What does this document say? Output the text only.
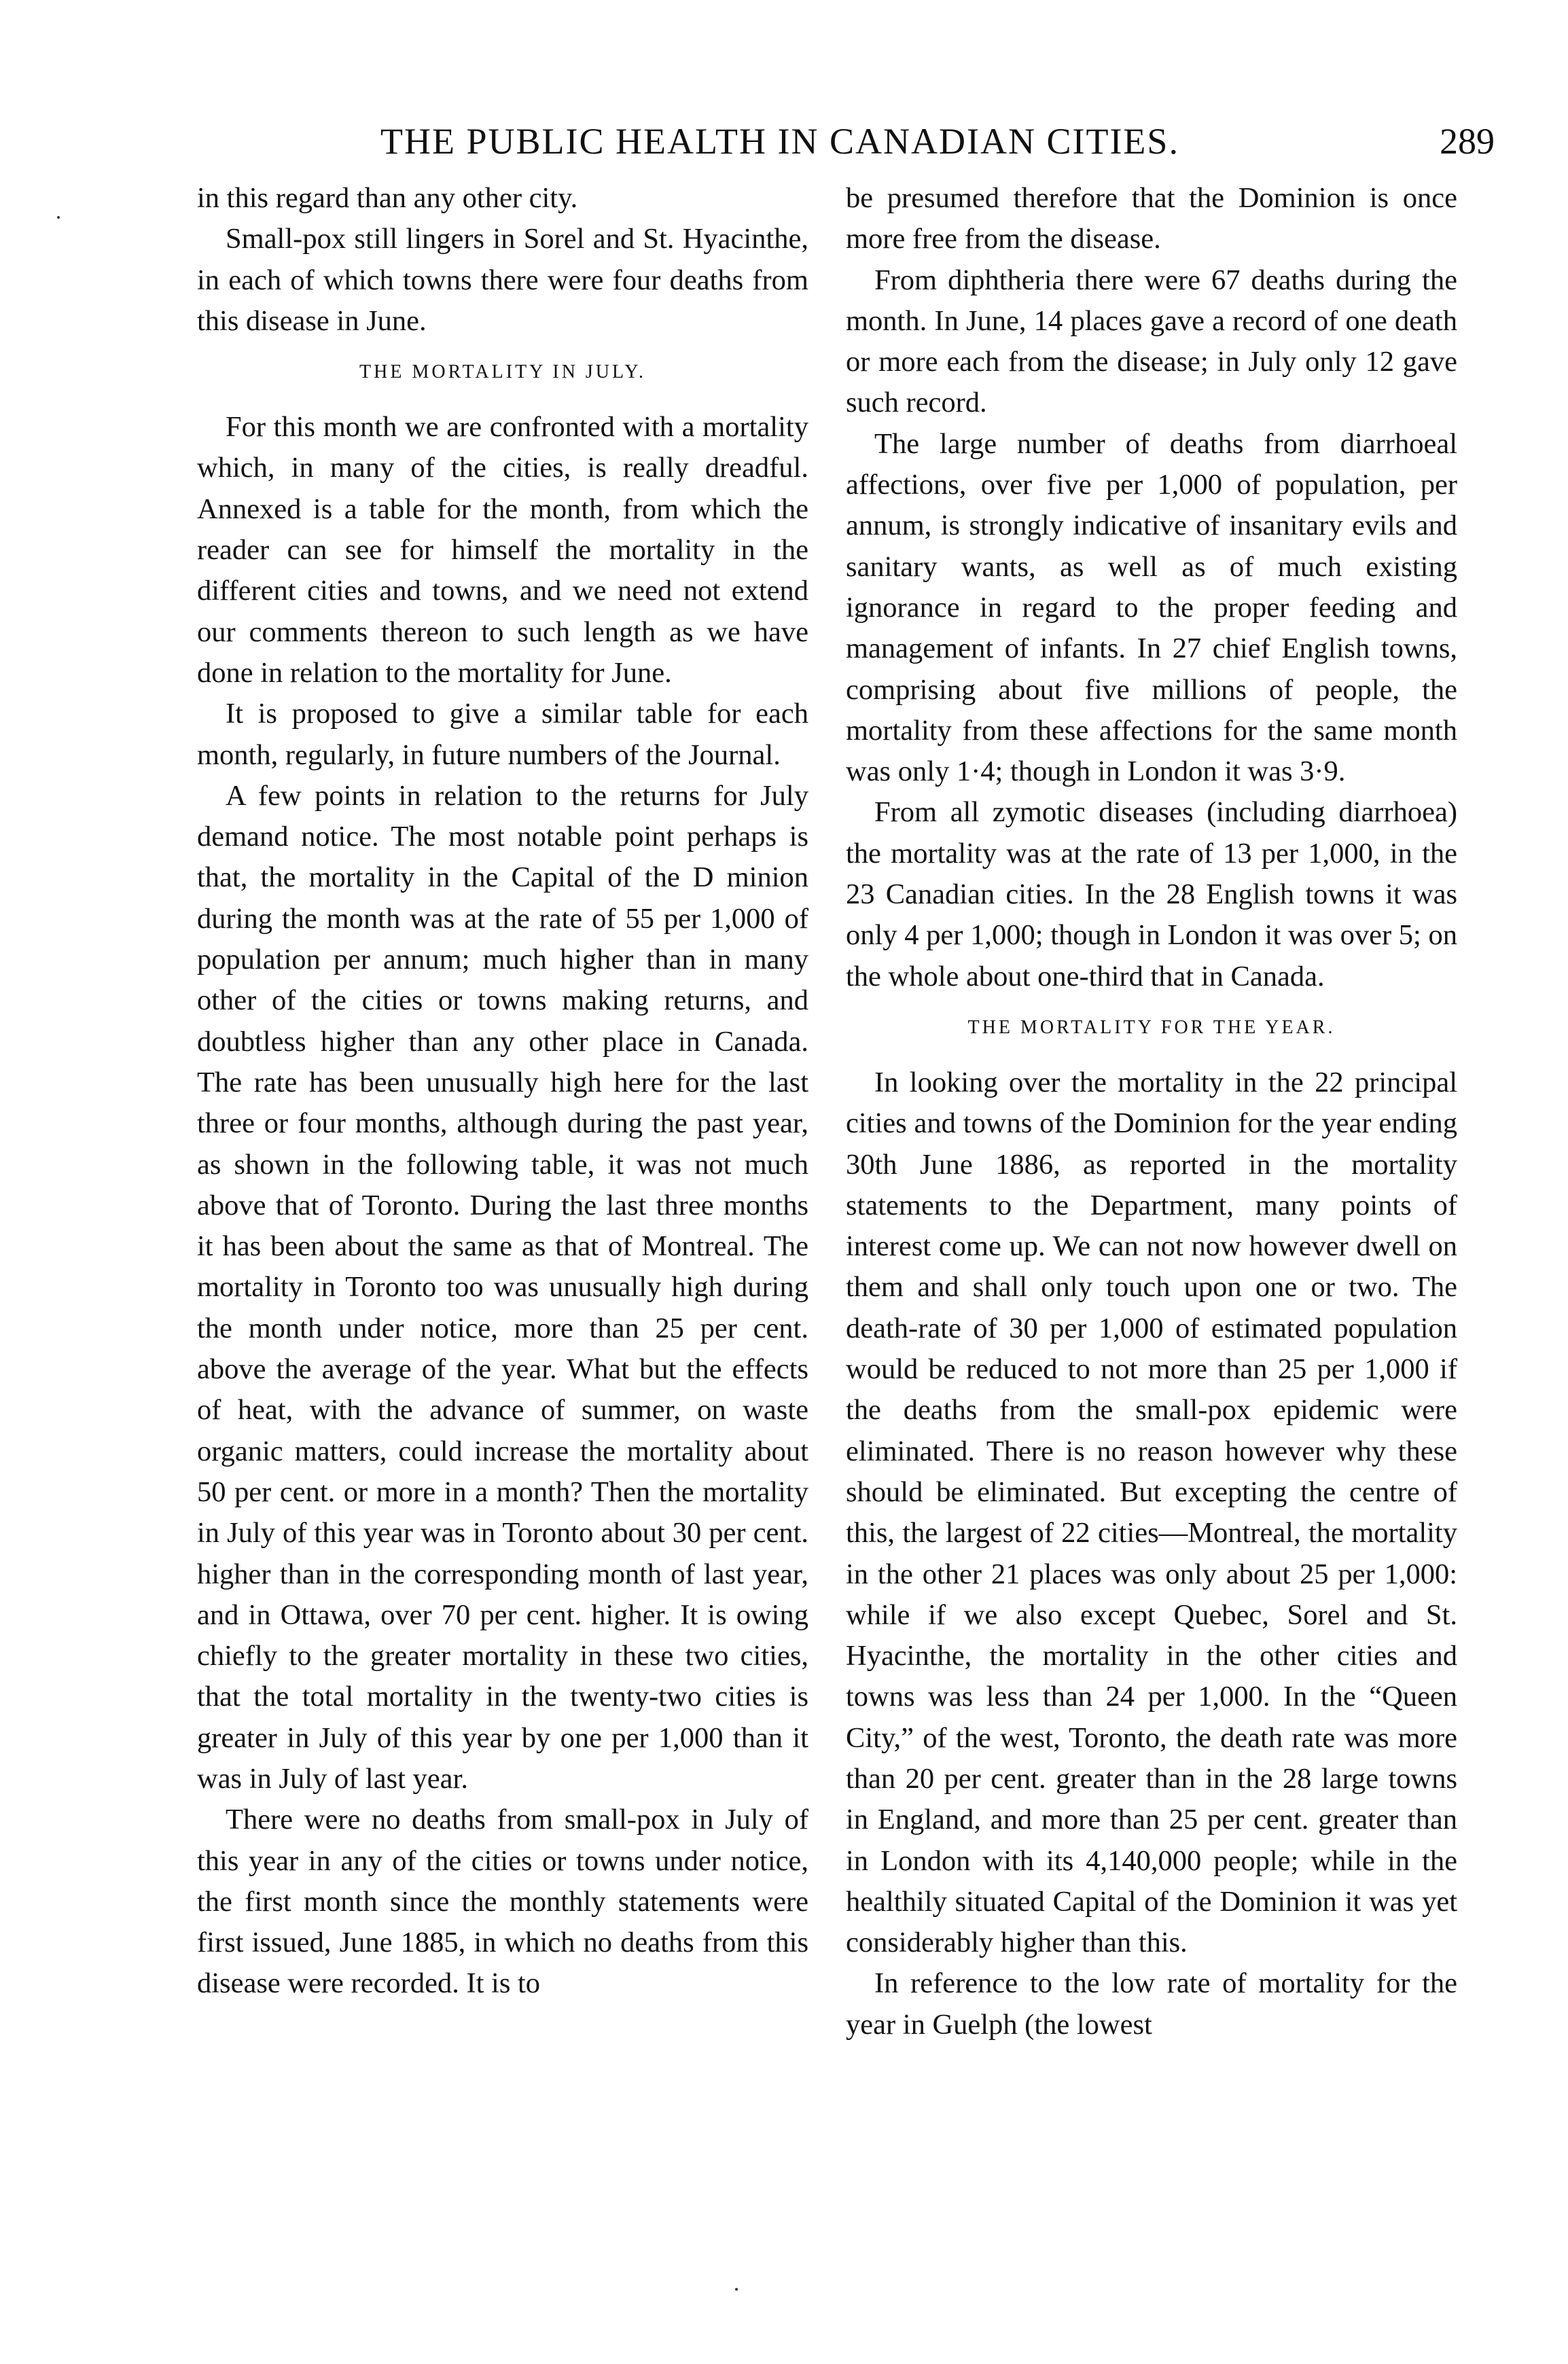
THE PUBLIC HEALTH IN CANADIAN CITIES.	289

in this regard than any other city.

Small-pox still lingers in Sorel and St. Hyacinthe, in each of which towns there were four deaths from this disease in June.

THE MORTALITY IN JULY.

For this month we are confronted with a mortality which, in many of the cities, is really dreadful. Annexed is a table for the month, from which the reader can see for himself the mortality in the different cities and towns, and we need not extend our comments thereon to such length as we have done in relation to the mortality for June.

It is proposed to give a similar table for each month, regularly, in future numbers of the Journal.

A few points in relation to the returns for July demand notice. The most notable point perhaps is that, the mortality in the Capital of the D minion during the month was at the rate of 55 per 1,000 of population per annum; much higher than in many other of the cities or towns making returns, and doubtless higher than any other place in Canada. The rate has been unusually high here for the last three or four months, although during the past year, as shown in the following table, it was not much above that of Toronto. During the last three months it has been about the same as that of Montreal. The mortality in Toronto too was unusually high during the month under notice, more than 25 per cent. above the average of the year. What but the effects of heat, with the advance of summer, on waste organic matters, could increase the mortality about 50 per cent. or more in a month? Then the mortality in July of this year was in Toronto about 30 per cent. higher than in the corresponding month of last year, and in Ottawa, over 70 per cent. higher. It is owing chiefly to the greater mortality in these two cities, that the total mortality in the twenty-two cities is greater in July of this year by one per 1,000 than it was in July of last year.

There were no deaths from small-pox in July of this year in any of the cities or towns under notice, the first month since the monthly statements were first issued, June 1885, in which no deaths from this disease were recorded. It is to

be presumed therefore that the Dominion is once more free from the disease.

From diphtheria there were 67 deaths during the month. In June, 14 places gave a record of one death or more each from the disease; in July only 12 gave such record.

The large number of deaths from diarrhoeal affections, over five per 1,000 of population, per annum, is strongly indicative of insanitary evils and sanitary wants, as well as of much existing ignorance in regard to the proper feeding and management of infants. In 27 chief English towns, comprising about five millions of people, the mortality from these affections for the same month was only 1·4; though in London it was 3·9.

From all zymotic diseases (including diarrhoea) the mortality was at the rate of 13 per 1,000, in the 23 Canadian cities. In the 28 English towns it was only 4 per 1,000; though in London it was over 5; on the whole about one-third that in Canada.

THE MORTALITY FOR THE YEAR.

In looking over the mortality in the 22 principal cities and towns of the Dominion for the year ending 30th June 1886, as reported in the mortality statements to the Department, many points of interest come up. We can not now however dwell on them and shall only touch upon one or two. The death-rate of 30 per 1,000 of estimated population would be reduced to not more than 25 per 1,000 if the deaths from the small-pox epidemic were eliminated. There is no reason however why these should be eliminated. But excepting the centre of this, the largest of 22 cities—Montreal, the mortality in the other 21 places was only about 25 per 1,000: while if we also except Quebec, Sorel and St. Hyacinthe, the mortality in the other cities and towns was less than 24 per 1,000. In the “Queen City,” of the west, Toronto, the death rate was more than 20 per cent. greater than in the 28 large towns in England, and more than 25 per cent. greater than in London with its 4,140,000 people; while in the healthily situated Capital of the Dominion it was yet considerably higher than this.

In reference to the low rate of mortality for the year in Guelph (the lowest
